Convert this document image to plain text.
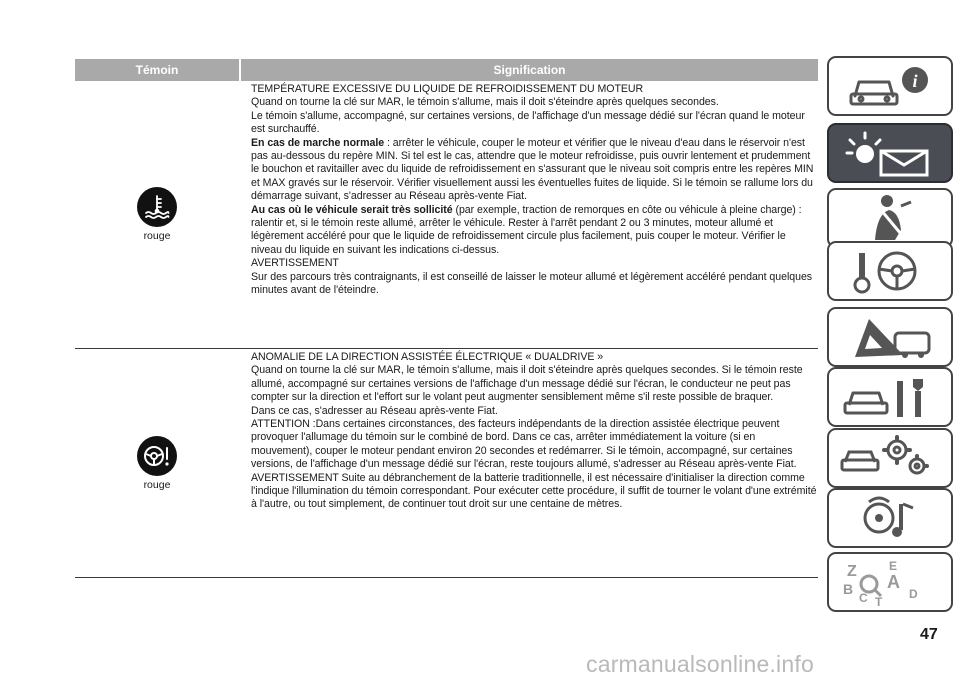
Témoin	Signification
rouge

TEMPÉRATURE EXCESSIVE DU LIQUIDE DE REFROIDISSEMENT DU MOTEUR

Quand on tourne la clé sur MAR, le témoin s'allume, mais il doit s'éteindre après quelques secondes.

Le témoin s'allume, accompagné, sur certaines versions, de l'affichage d'un message dédié sur l'écran quand le moteur est surchauffé.

En cas de marche normale : arrêter le véhicule, couper le moteur et vérifier que le niveau d'eau dans le réservoir n'est pas au-dessous du repère MIN. Si tel est le cas, attendre que le moteur refroidisse, puis ouvrir lentement et prudemment le bouchon et ravitailler avec du liquide de refroidissement en s'assurant que le niveau soit compris entre les repères MIN et MAX gravés sur le réservoir. Vérifier visuellement aussi les éventuelles fuites de liquide. Si le témoin se rallume lors du démarrage suivant, s'adresser au Réseau après-vente Fiat.

Au cas où le véhicule serait très sollicité (par exemple, traction de remorques en côte ou véhicule à pleine charge) : ralentir et, si le témoin reste allumé, arrêter le véhicule. Rester à l'arrêt pendant 2 ou 3 minutes, moteur allumé et légèrement accéléré pour que le liquide de refroidissement circule plus facilement, puis couper le moteur. Vérifier le niveau du liquide en suivant les indications ci-dessus.

AVERTISSEMENT

Sur des parcours très contraignants, il est conseillé de laisser le moteur allumé et légèrement accéléré pendant quelques minutes avant de l'éteindre.

rouge

ANOMALIE DE LA DIRECTION ASSISTÉE ÉLECTRIQUE « DUALDRIVE »

Quand on tourne la clé sur MAR, le témoin s'allume, mais il doit s'éteindre après quelques secondes. Si le témoin reste allumé, accompagné sur certaines versions de l'affichage d'un message dédié sur l'écran, le conducteur ne peut pas compter sur la direction et l'effort sur le volant peut augmenter sensiblement même s'il reste possible de braquer.

Dans ce cas, s'adresser au Réseau après-vente Fiat.

ATTENTION :Dans certaines circonstances, des facteurs indépendants de la direction assistée électrique peuvent provoquer l'allumage du témoin sur le combiné de bord. Dans ce cas, arrêter immédiatement la voiture (si en mouvement), couper le moteur pendant environ 20 secondes et redémarrer. Si le témoin, accompagné, sur certaines versions, de l'affichage d'un message dédié sur l'écran, reste toujours allumé, s'adresser au Réseau après-vente Fiat.

AVERTISSEMENT Suite au débranchement de la batterie traditionnelle, il est nécessaire d'initialiser la direction comme l'indique l'illumination du témoin correspondant. Pour exécuter cette procédure, il suffit de tourner le volant d'une extrémité à l'autre, ou tout simplement, de continuer tout droit sur une centaine de mètres.

i
Z	E
A
B
C T
D
47
carmanualsonline.info
